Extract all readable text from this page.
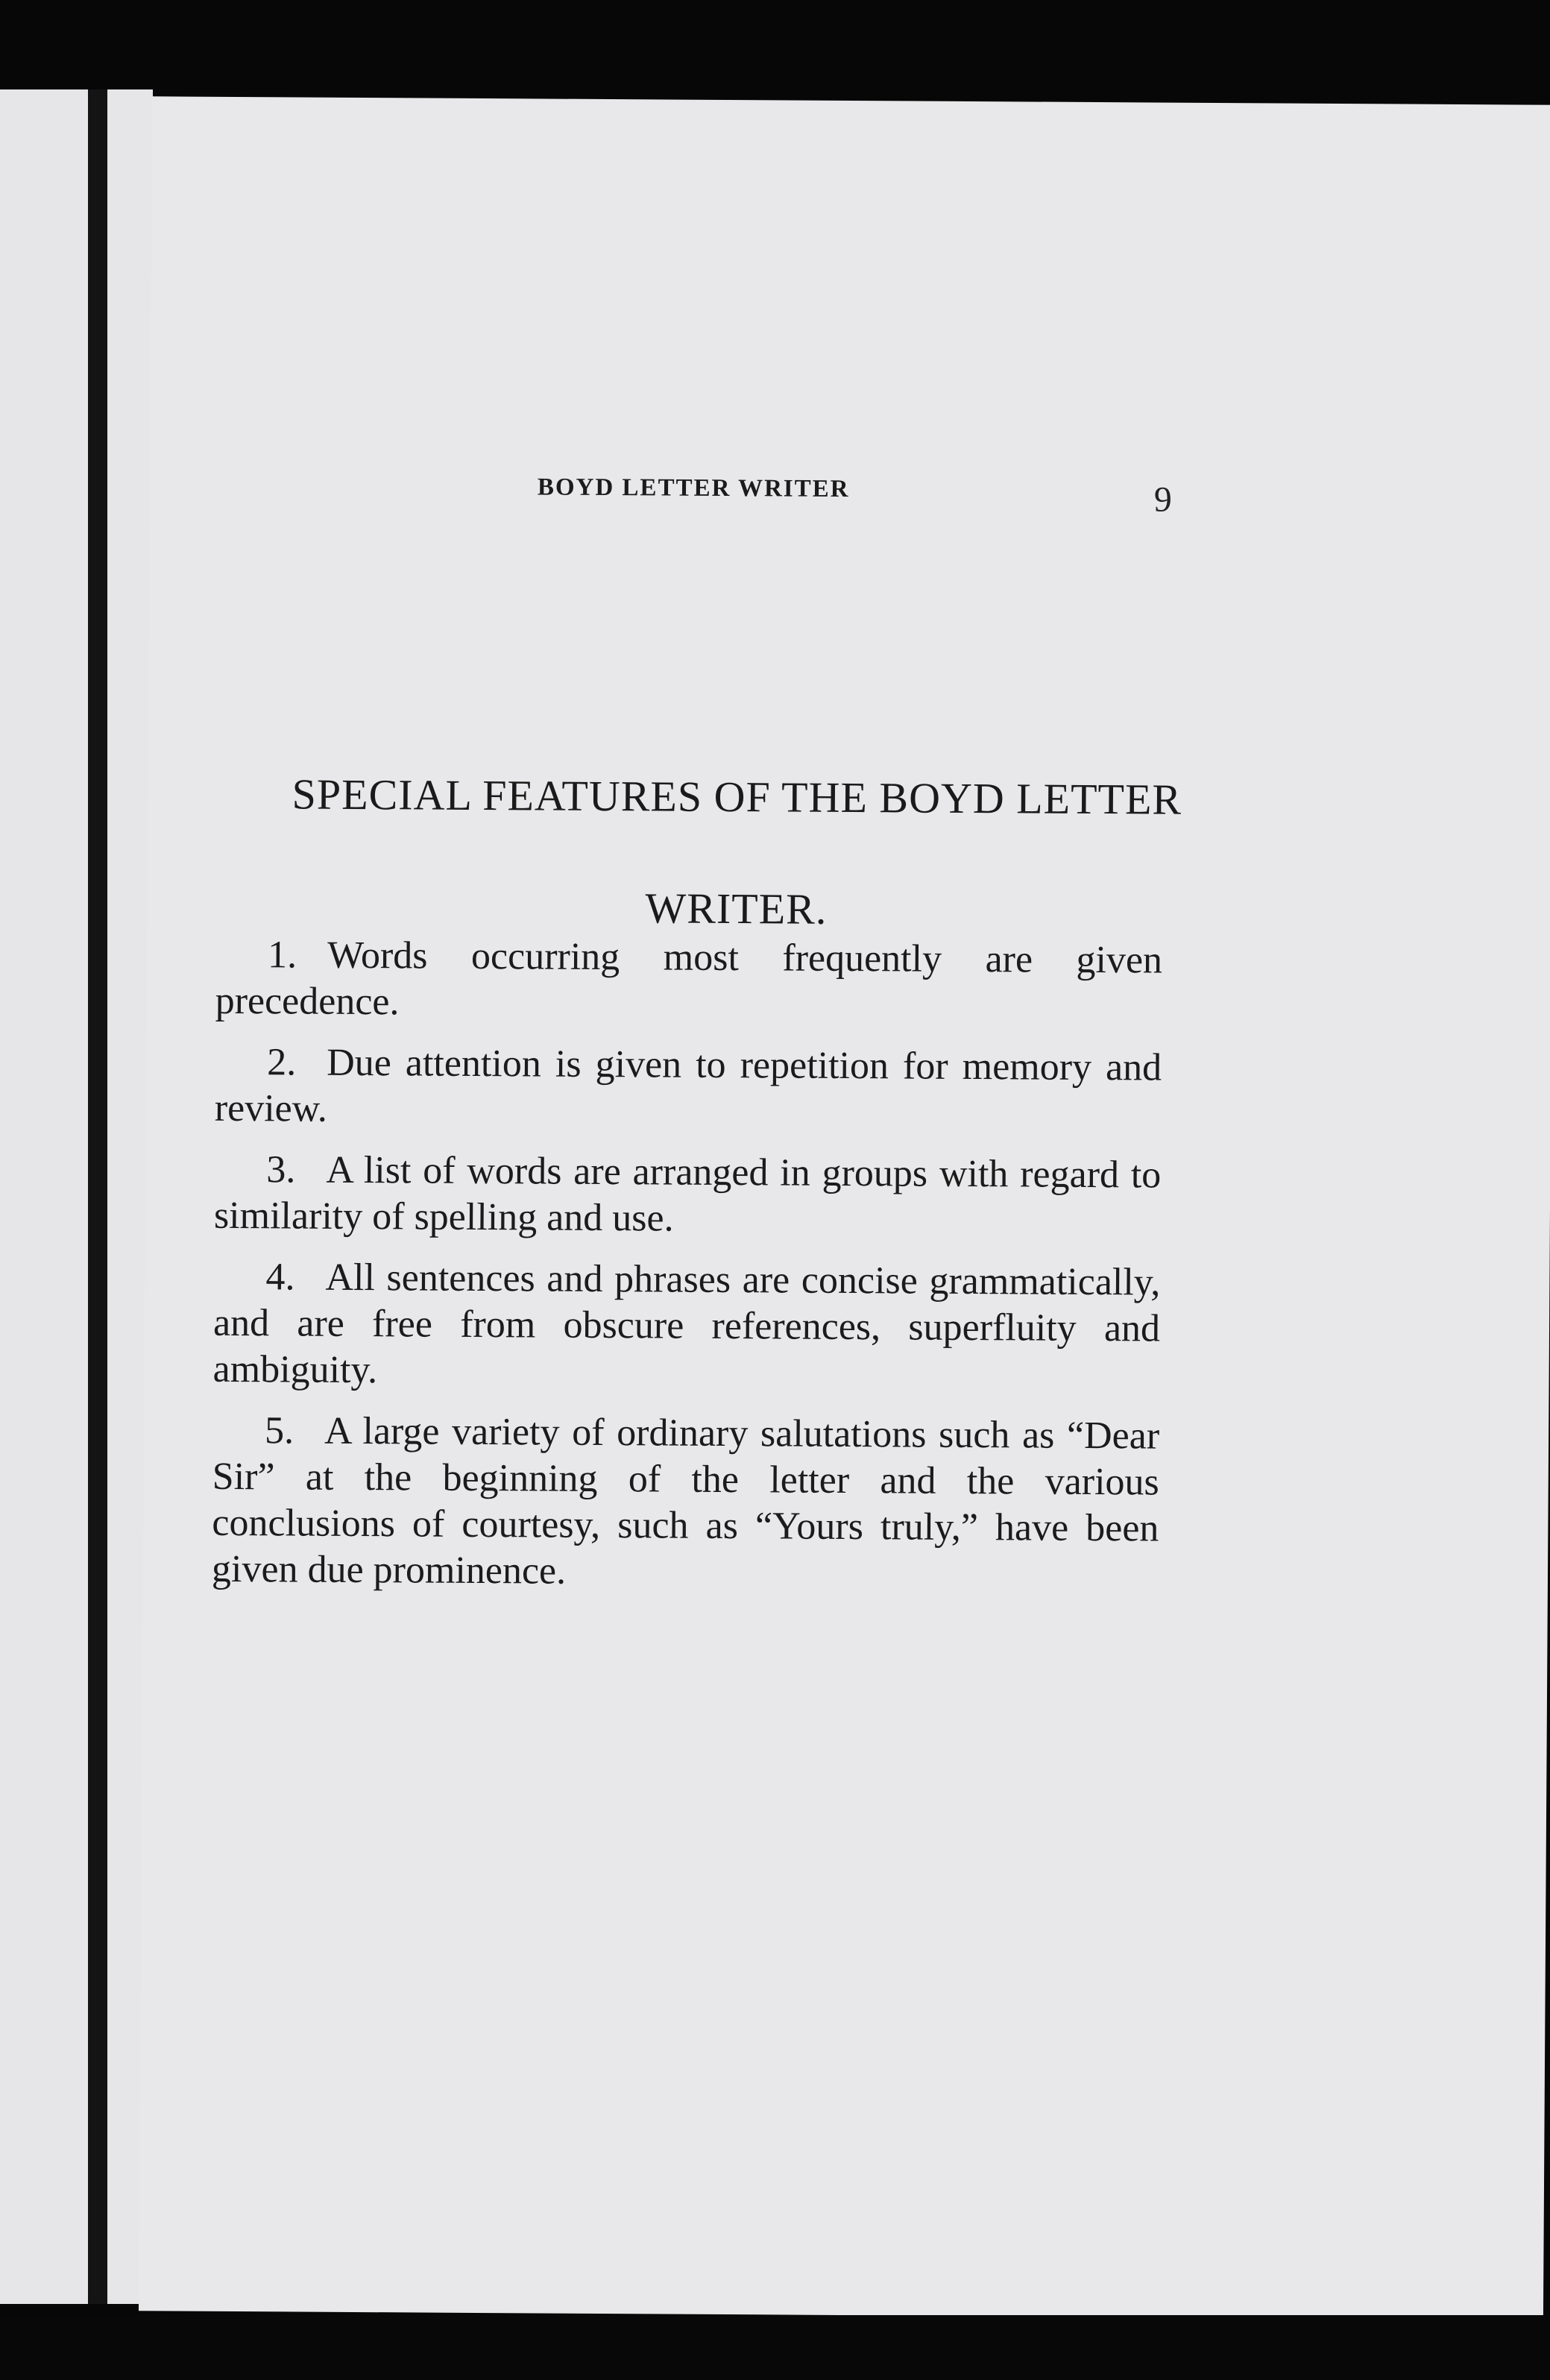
BOYD LETTER WRITER	9
SPECIAL FEATURES OF THE BOYD LETTER WRITER.

1. Words occurring most frequently are given precedence.

2. Due attention is given to repetition for memory and review.

3. A list of words are arranged in groups with regard to similarity of spelling and use.

4. All sentences and phrases are concise grammatically, and are free from obscure references, superfluity and ambiguity.

5. A large variety of ordinary salutations such as “Dear Sir” at the beginning of the letter and the various conclusions of courtesy, such as “Yours truly,” have been given due prominence.
